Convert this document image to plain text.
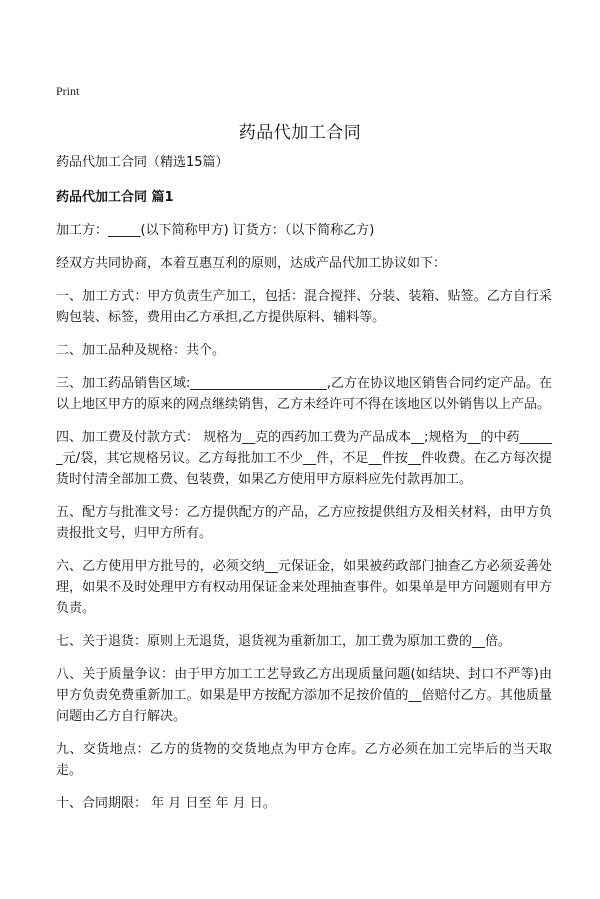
Print
药品代加工合同

药品代加工合同（精选15篇）

药品代加工合同 篇1

加工方：_____(以下简称甲方) 订货方：（以下简称乙方)

经双方共同协商，本着互惠互利的原则，达成产品代加工协议如下：

一、加工方式：甲方负责生产加工，包括：混合搅拌、分装、装箱、贴签。乙方自行采购包装、标签，费用由乙方承担,乙方提供原料、辅料等。

二、加工品种及规格：共个。

三、加工药品销售区域:_____________________,乙方在协议地区销售合同约定产品。在以上地区甲方的原来的网点继续销售，乙方未经许可不得在该地区以外销售以上产品。

四、加工费及付款方式： 规格为__克的西药加工费为产品成本__;规格为__的中药______元/袋，其它规格另议。乙方每批加工不少__件，不足__件按__件收费。在乙方每次提货时付清全部加工费、包装费，如果乙方使用甲方原料应先付款再加工。

五、配方与批准文号：乙方提供配方的产品，乙方应按提供组方及相关材料，由甲方负责报批文号，归甲方所有。

六、乙方使用甲方批号的，必须交纳__元保证金，如果被药政部门抽查乙方必须妥善处理，如果不及时处理甲方有权动用保证金来处理抽查事件。如果单是甲方问题则有甲方负责。

七、关于退货：原则上无退货，退货视为重新加工，加工费为原加工费的__倍。

八、关于质量争议：由于甲方加工工艺导致乙方出现质量问题(如结块、封口不严等)由甲方负责免费重新加工。如果是甲方按配方添加不足按价值的__倍赔付乙方。其他质量问题由乙方自行解决。

九、交货地点：乙方的货物的交货地点为甲方仓库。乙方必须在加工完毕后的当天取走。

十、合同期限： 年 月 日至 年 月 日。
